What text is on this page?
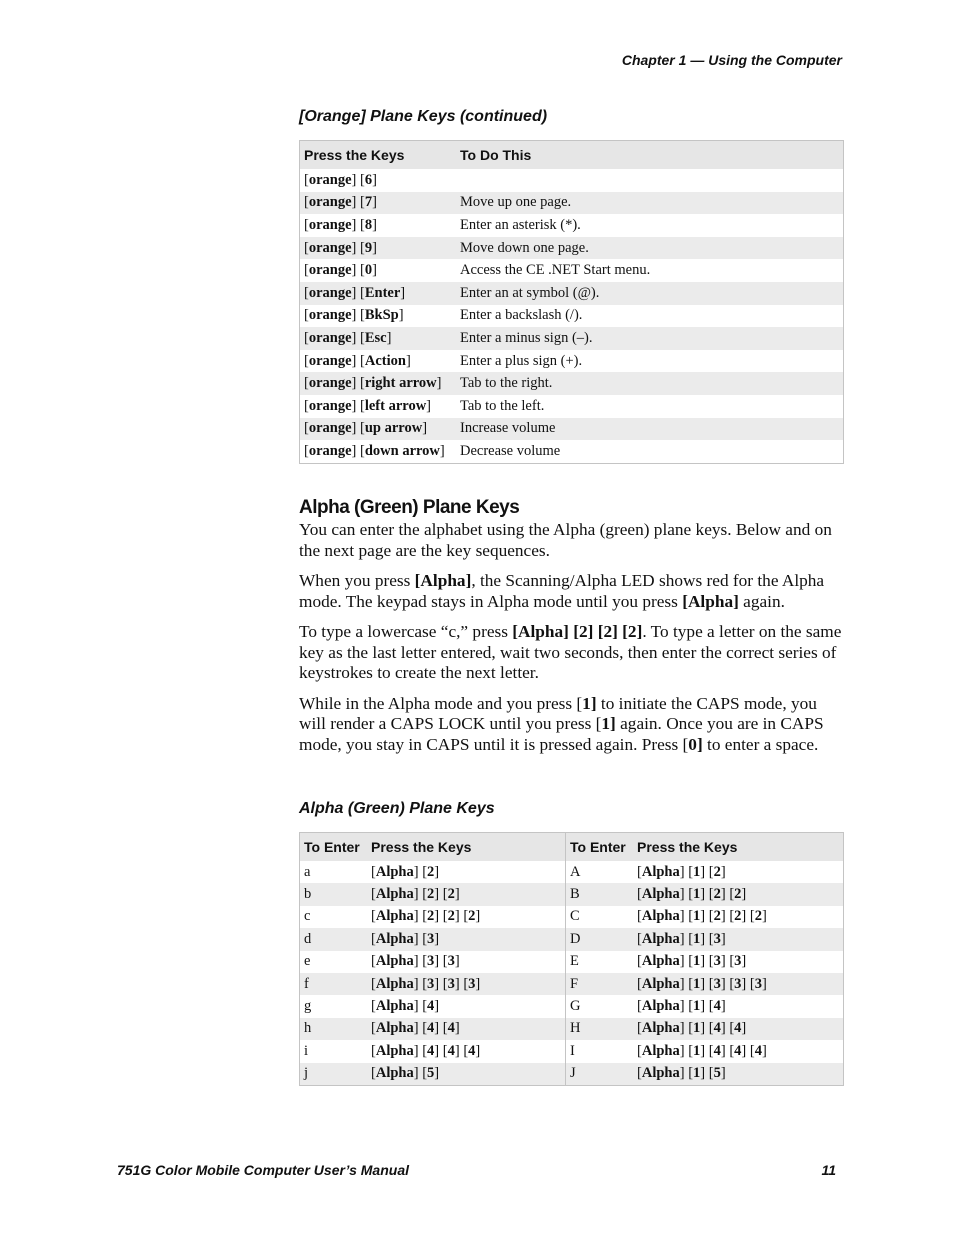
Chapter 1 — Using the Computer
[Orange] Plane Keys (continued)
Press the Keys	To Do This
[orange] [6]	
[orange] [7]	Move up one page.
[orange] [8]	Enter an asterisk (*).
[orange] [9]	Move down one page.
[orange] [0]	Access the CE .NET Start menu.
[orange] [Enter]	Enter an at symbol (@).
[orange] [BkSp]	Enter a backslash (/).
[orange] [Esc]	Enter a minus sign (–).
[orange] [Action]	Enter a plus sign (+).
[orange] [right arrow]	Tab to the right.
[orange] [left arrow]	Tab to the left.
[orange] [up arrow]	Increase volume
[orange] [down arrow]	Decrease volume
Alpha (Green) Plane Keys

You can enter the alphabet using the Alpha (green) plane keys. Below and on the next page are the key sequences.

When you press [Alpha], the Scanning/Alpha LED shows red for the Alpha mode. The keypad stays in Alpha mode until you press [Alpha] again.

To type a lowercase “c,” press [Alpha] [2] [2] [2]. To type a letter on the same key as the last letter entered, wait two seconds, then enter the correct series of keystrokes to create the next letter.

While in the Alpha mode and you press [1] to initiate the CAPS mode, you will render a CAPS LOCK until you press [1] again. Once you are in CAPS mode, you stay in CAPS until it is pressed again. Press [0] to enter a space.

Alpha (Green) Plane Keys
To Enter	Press the Keys	To Enter	Press the Keys
a	[Alpha] [2]	A	[Alpha] [1] [2]
b	[Alpha] [2] [2]	B	[Alpha] [1] [2] [2]
c	[Alpha] [2] [2] [2]	C	[Alpha] [1] [2] [2] [2]
d	[Alpha] [3]	D	[Alpha] [1] [3]
e	[Alpha] [3] [3]	E	[Alpha] [1] [3] [3]
f	[Alpha] [3] [3] [3]	F	[Alpha] [1] [3] [3] [3]
g	[Alpha] [4]	G	[Alpha] [1] [4]
h	[Alpha] [4] [4]	H	[Alpha] [1] [4] [4]
i	[Alpha] [4] [4] [4]	I	[Alpha] [1] [4] [4] [4]
j	[Alpha] [5]	J	[Alpha] [1] [5]
751G Color Mobile Computer User’s Manual	11
